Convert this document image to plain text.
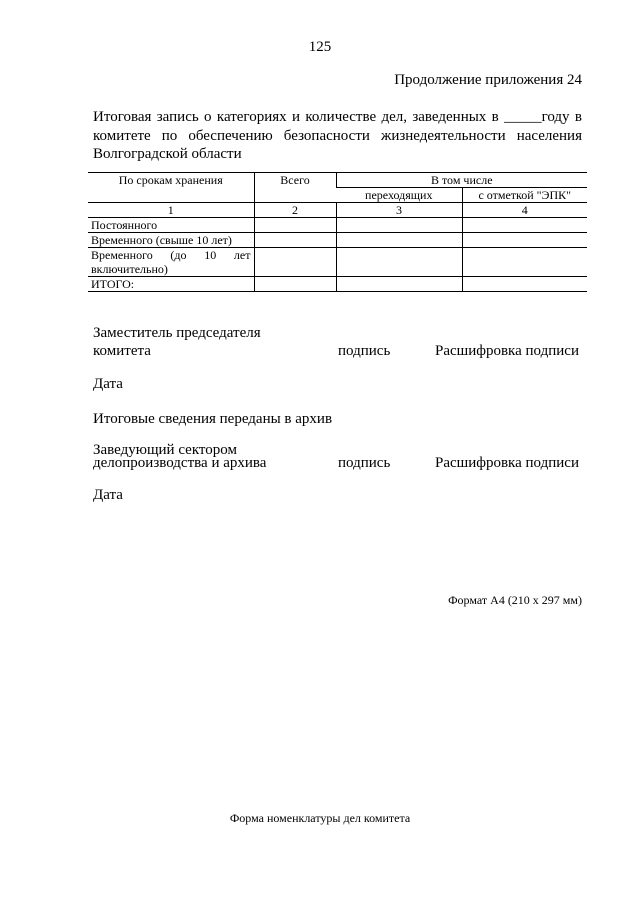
125
Продолжение приложения 24
Итоговая запись о категориях и количестве дел, заведенных в _____году в комитете по обеспечению безопасности жизнедеятельности населения Волгоградской области
По срокам хранения	Всего	В том числе	
		переходящих	с отметкой "ЭПК"
1	2	3	4
Постоянного			
Временного (свыше 10 лет)			
Временного (до 10 лет включительно)			
ИТОГО:			
Заместитель председателя
комитета	подпись	Расшифровка подписи
Дата
Итоговые сведения переданы в архив
Заведующий сектором
делопроизводства и архива	подпись	Расшифровка подписи
Дата
Формат А4 (210 х 297 мм)
Форма номенклатуры дел комитета
